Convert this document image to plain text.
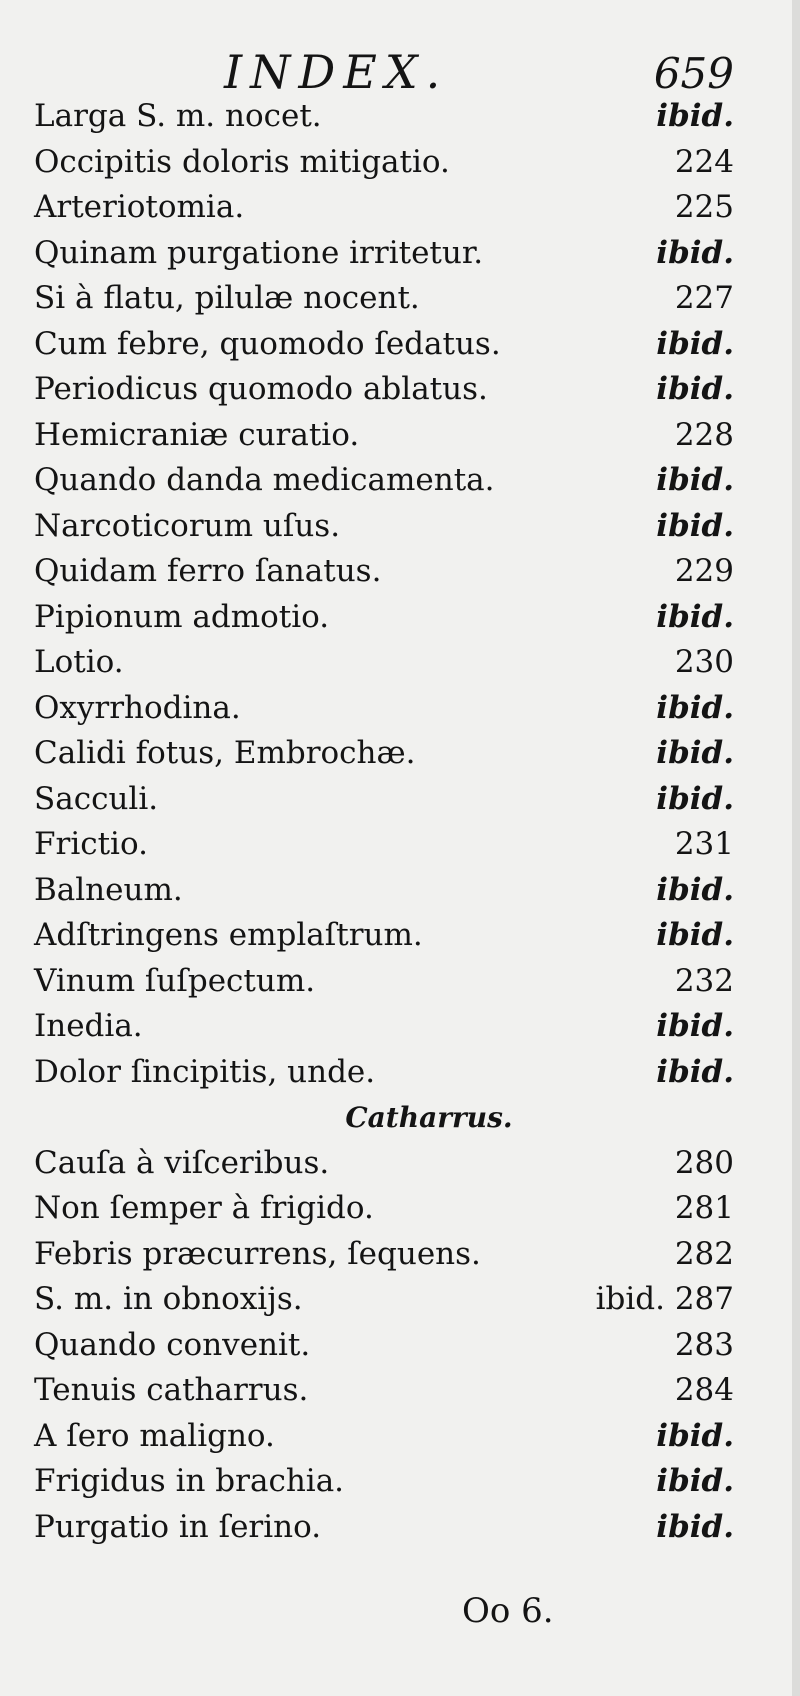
INDEX.	659
Larga S. m. nocet.	ibid.
Occipitis doloris mitigatio.	224
Arteriotomia.	225
Quinam purgatione irritetur.	ibid.
Si à flatu, pilulæ nocent.	227
Cum febre, quomodo ſedatus.	ibid.
Periodicus quomodo ablatus.	ibid.
Hemicraniæ curatio.	228
Quando danda medicamenta.	ibid.
Narcoticorum uſus.	ibid.
Quidam ferro ſanatus.	229
Pipionum admotio.	ibid.
Lotio.	230
Oxyrrhodina.	ibid.
Calidi fotus, Embrochæ.	ibid.
Sacculi.	ibid.
Frictio.	231
Balneum.	ibid.
Adſtringens emplaſtrum.	ibid.
Vinum ſuſpectum.	232
Inedia.	ibid.
Dolor ſincipitis, unde.	ibid.
Catharrus.
Cauſa à viſceribus.	280
Non ſemper à frigido.	281
Febris præcurrens, ſequens.	282
S. m. in obnoxijs.	ibid. 287
Quando convenit.	283
Tenuis catharrus.	284
A ſero maligno.	ibid.
Frigidus in brachia.	ibid.
Purgatio in ſerino.	ibid.
Oo 6.
